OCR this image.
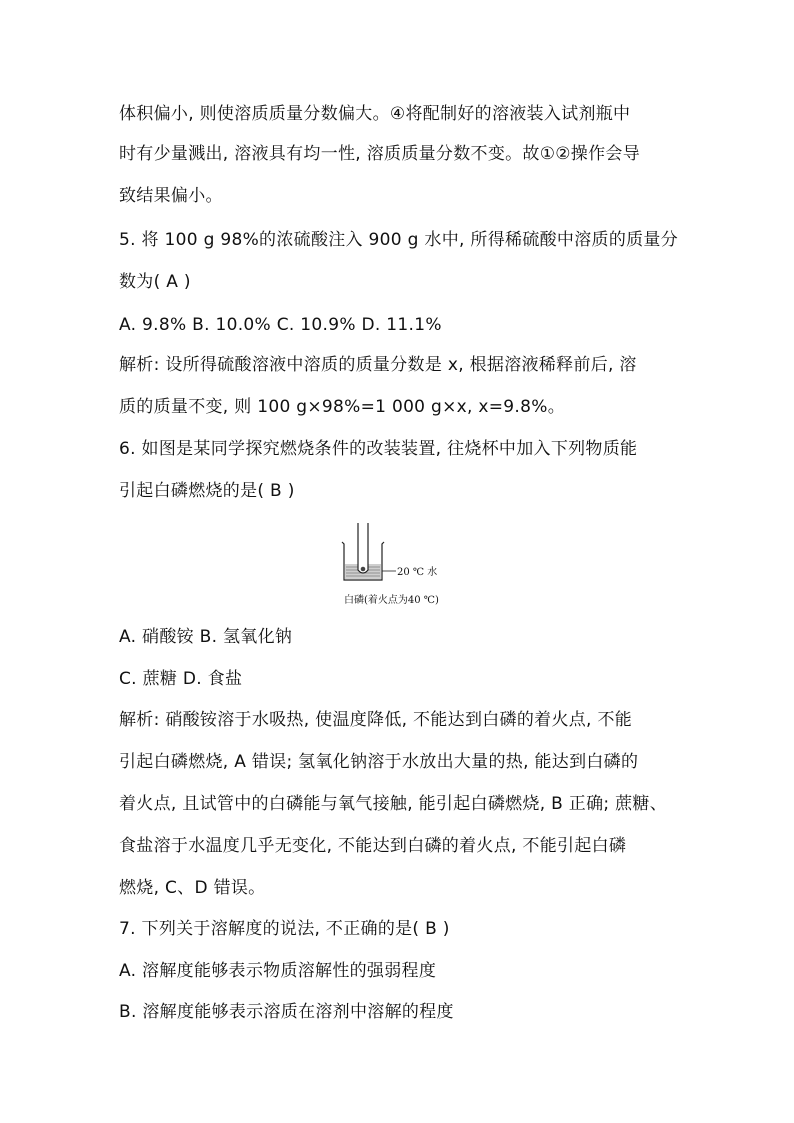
体积偏小, 则使溶质质量分数偏大。④将配制好的溶液装入试剂瓶中
时有少量溅出, 溶液具有均一性, 溶质质量分数不变。故①②操作会导
致结果偏小。
5. 将 100 g 98%的浓硫酸注入 900 g 水中, 所得稀硫酸中溶质的质量分
数为( A )
A. 9.8% B. 10.0% C. 10.9% D. 11.1%
解析: 设所得硫酸溶液中溶质的质量分数是 x, 根据溶液稀释前后, 溶
质的质量不变, 则 100 g×98%=1 000 g×x, x=9.8%。
6. 如图是某同学探究燃烧条件的改装装置, 往烧杯中加入下列物质能
引起白磷燃烧的是( B )
20 ℃ 水
白磷(着火点为40 ℃)
A. 硝酸铵 B. 氢氧化钠
C. 蔗糖 D. 食盐
解析: 硝酸铵溶于水吸热, 使温度降低, 不能达到白磷的着火点, 不能
引起白磷燃烧, A 错误; 氢氧化钠溶于水放出大量的热, 能达到白磷的
着火点, 且试管中的白磷能与氧气接触, 能引起白磷燃烧, B 正确; 蔗糖、
食盐溶于水温度几乎无变化, 不能达到白磷的着火点, 不能引起白磷
燃烧, C、D 错误。
7. 下列关于溶解度的说法, 不正确的是( B )
A. 溶解度能够表示物质溶解性的强弱程度
B. 溶解度能够表示溶质在溶剂中溶解的程度
